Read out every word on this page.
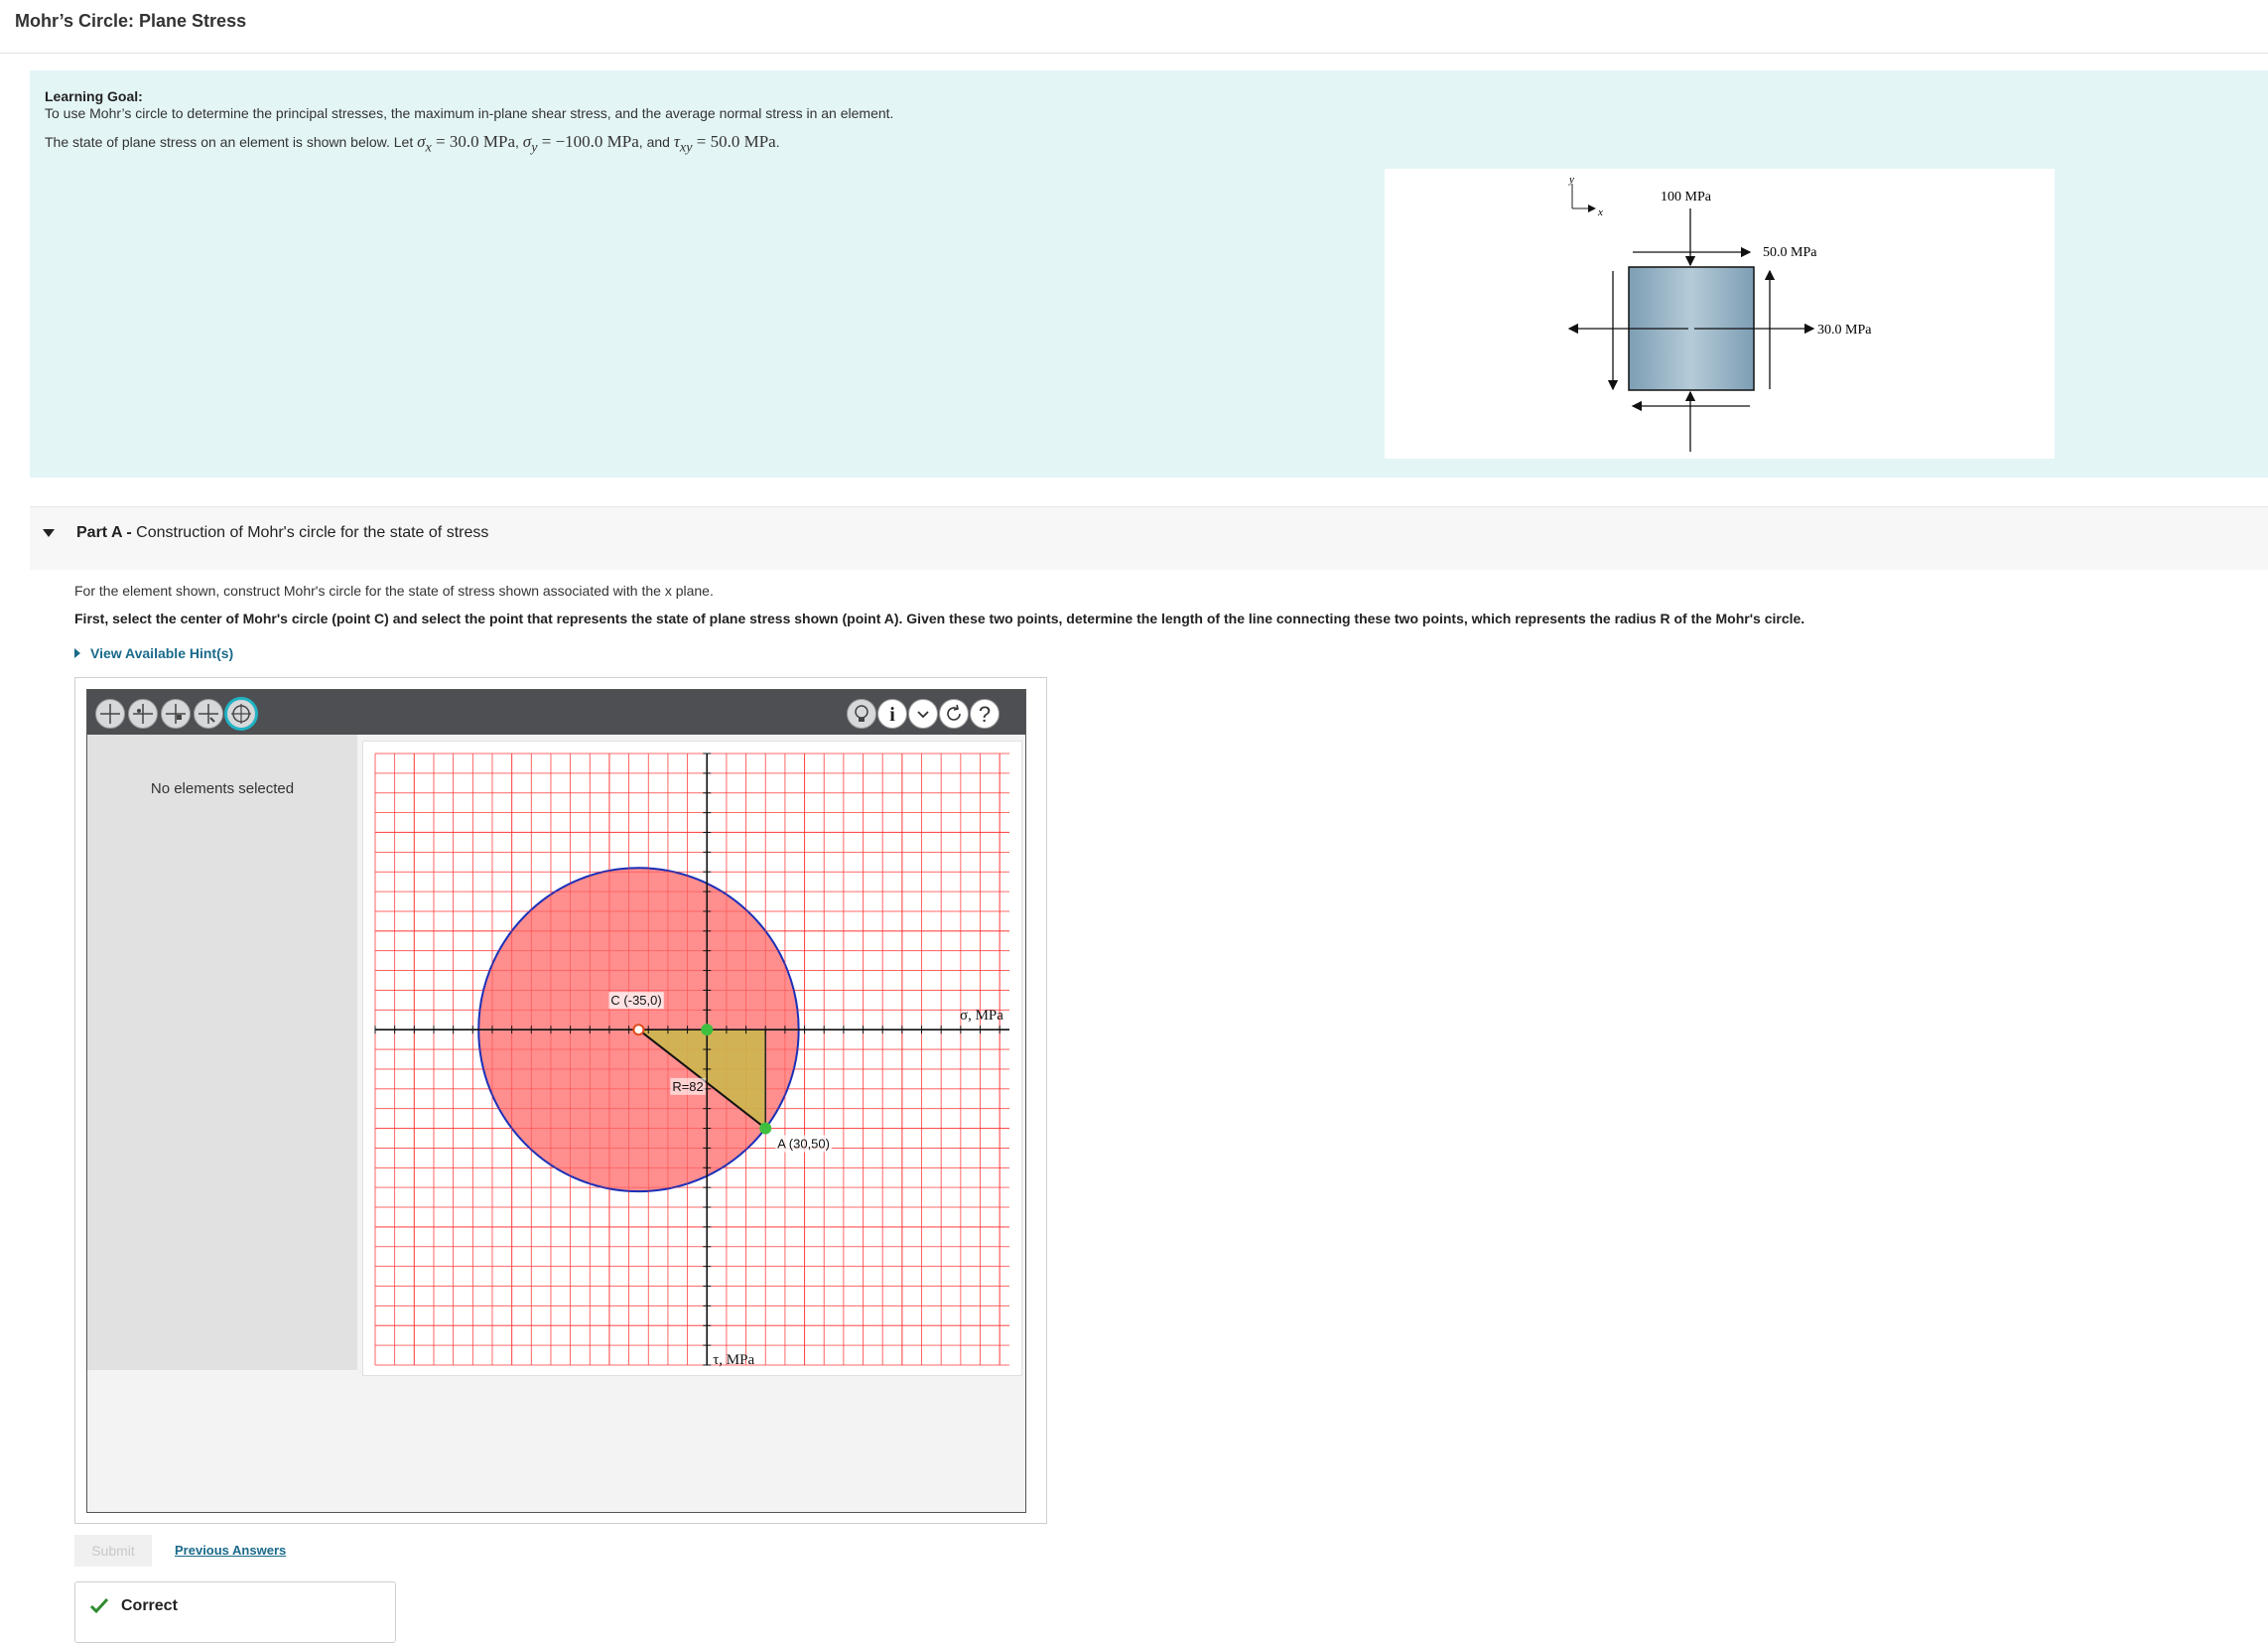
Mohr’s Circle: Plane Stress
Learning Goal:
To use Mohr’s circle to determine the principal stresses, the maximum in-plane shear stress, and the average normal stress in an element.
The state of plane stress on an element is shown below. Let $\sigma_x = 30.0$ MPa, $\sigma_y = -100.0$ MPa, and $\tau_{xy} = 50.0$ MPa.
y
x
100 MPa
50.0 MPa
30.0 MPa
Part A - Construction of Mohr's circle for the state of stress
For the element shown, construct Mohr's circle for the state of stress shown associated with the x plane.
First, select the center of Mohr's circle (point C) and select the point that represents the state of plane stress shown (point A). Given these two points, determine the length of the line connecting these two points, which represents the radius R of the Mohr's circle.
View Available Hint(s)
i	?
No elements selected
C (-35,0)
A (30,50)
R=82
σ, MPa
τ, MPa
Submit	Previous Answers
Correct
